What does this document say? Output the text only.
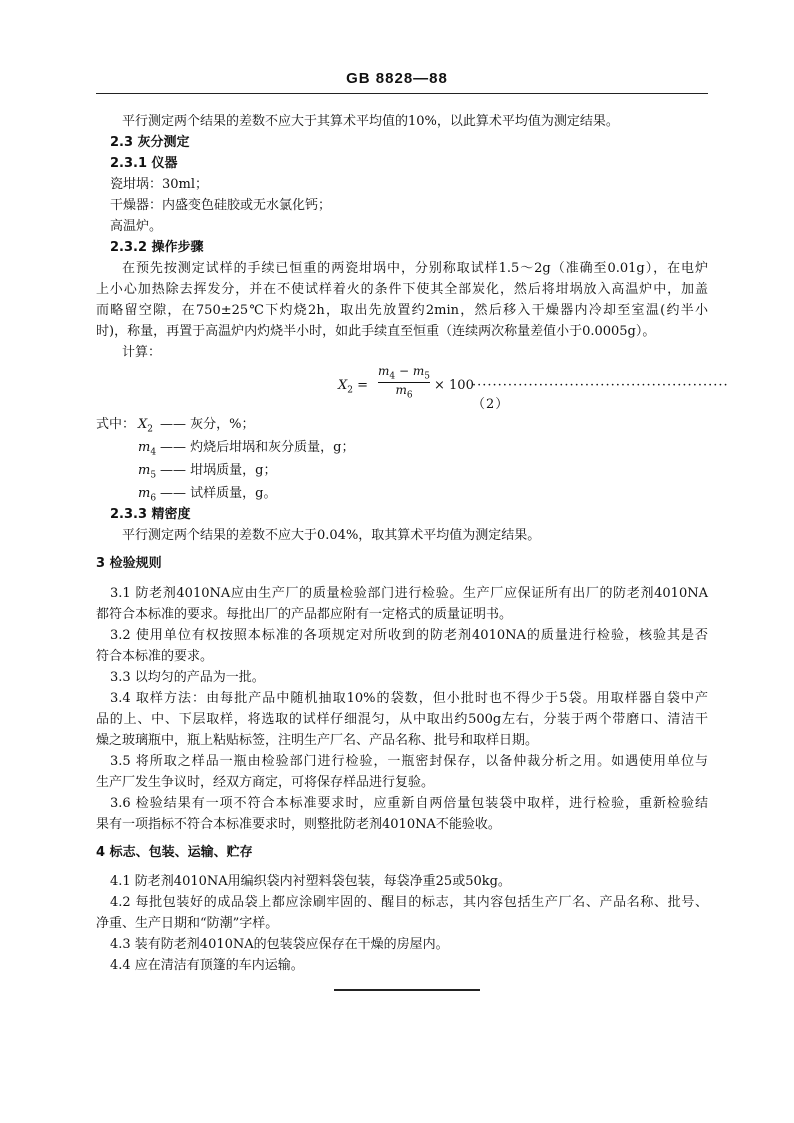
GB 8828—88
平行测定两个结果的差数不应大于其算术平均值的10%，以此算术平均值为测定结果。
2.3 灰分测定
2.3.1 仪器
瓷坩埚：30ml；
干燥器：内盛变色硅胶或无水氯化钙；
高温炉。
2.3.2 操作步骤
在预先按测定试样的手续已恒重的两瓷坩埚中，分别称取试样1.5～2g（准确至0.01g），在电炉
上小心加热除去挥发分，并在不使试样着火的条件下使其全部炭化，然后将坩埚放入高温炉中，加盖
而略留空隙，在750±25℃下灼烧2h，取出先放置约2min，然后移入干燥器内冷却至室温(约半小
时)，称量，再置于高温炉内灼烧半小时，如此手续直至恒重（连续两次称量差值小于0.0005g）。
计算：
$X_2$ =
$m_4 - m_5$
$m_6$
× 100
·················································· （2）
式中： $X_2$ —— 灰分，%；
$m_4$ —— 灼烧后坩埚和灰分质量，g；
$m_5$ —— 坩埚质量，g；
$m_6$ —— 试样质量，g。
2.3.3 精密度
平行测定两个结果的差数不应大于0.04%，取其算术平均值为测定结果。
3 检验规则
3.1 防老剂4010NA应由生产厂的质量检验部门进行检验。生产厂应保证所有出厂的防老剂4010NA
都符合本标准的要求。每批出厂的产品都应附有一定格式的质量证明书。
3.2 使用单位有权按照本标准的各项规定对所收到的防老剂4010NA的质量进行检验，核验其是否
符合本标准的要求。
3.3 以均匀的产品为一批。
3.4 取样方法：由每批产品中随机抽取10%的袋数，但小批时也不得少于5袋。用取样器自袋中产
品的上、中、下层取样，将选取的试样仔细混匀，从中取出约500g左右，分装于两个带磨口、清洁干
燥之玻璃瓶中，瓶上粘贴标签，注明生产厂名、产品名称、批号和取样日期。
3.5 将所取之样品一瓶由检验部门进行检验，一瓶密封保存，以备仲裁分析之用。如遇使用单位与
生产厂发生争议时，经双方商定，可将保存样品进行复验。
3.6 检验结果有一项不符合本标准要求时，应重新自两倍量包装袋中取样，进行检验，重新检验结
果有一项指标不符合本标准要求时，则整批防老剂4010NA不能验收。
4 标志、包装、运输、贮存
4.1 防老剂4010NA用编织袋内衬塑料袋包装，每袋净重25或50kg。
4.2 每批包装好的成品袋上都应涂刷牢固的、醒目的标志，其内容包括生产厂名、产品名称、批号、
净重、生产日期和“防潮”字样。
4.3 装有防老剂4010NA的包装袋应保存在干燥的房屋内。
4.4 应在清洁有顶篷的车内运输。
